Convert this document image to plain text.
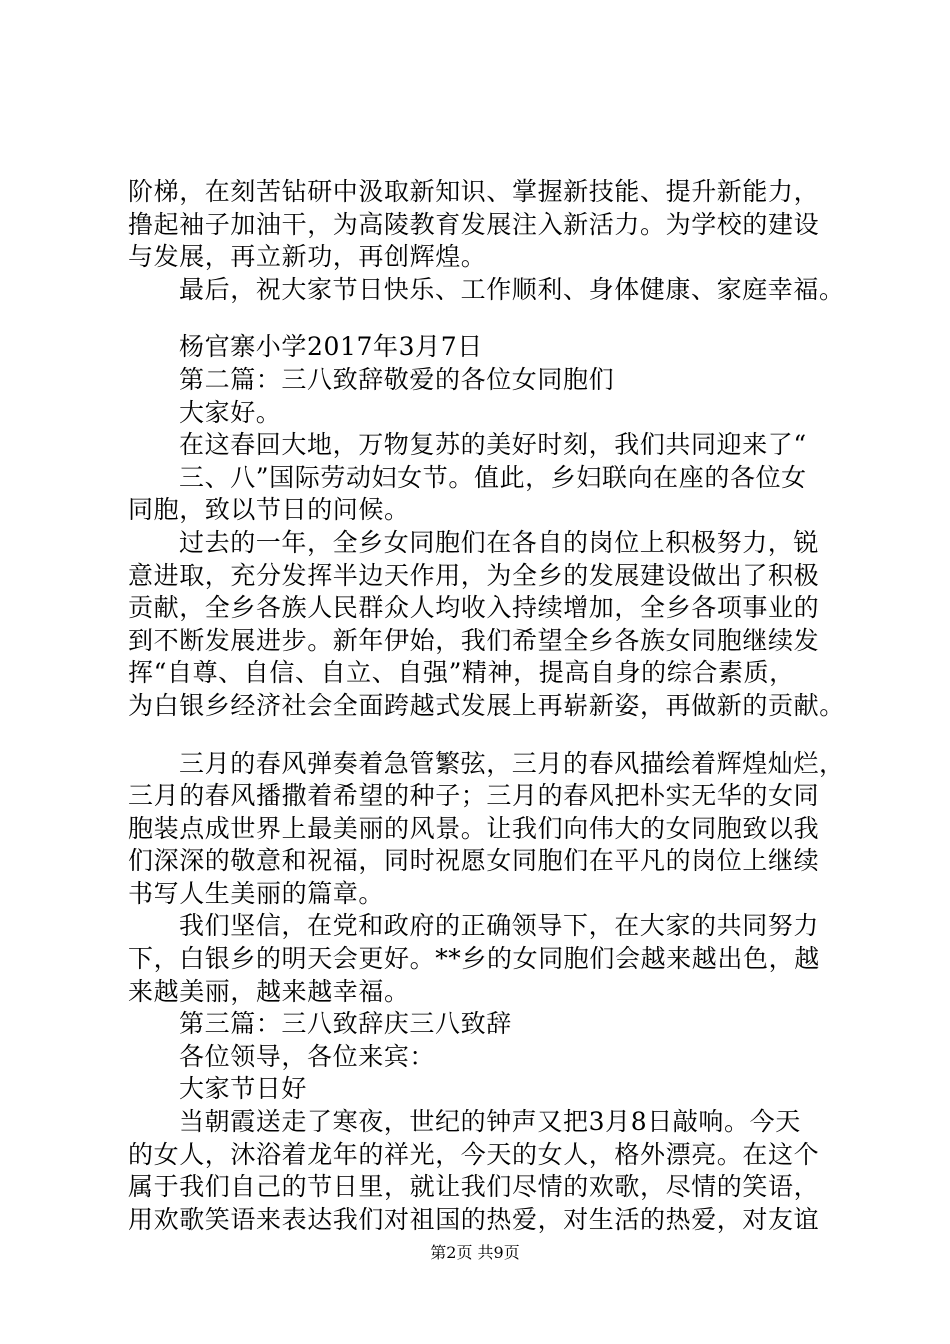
阶梯，在刻苦钻研中汲取新知识、掌握新技能、提升新能力，
撸起袖子加油干，为高陵教育发展注入新活力。为学校的建设
与发展，再立新功，再创辉煌。
最后，祝大家节日快乐、工作顺利、身体健康、家庭幸福。
杨官寨小学2017年3月7日
第二篇：三八致辞敬爱的各位女同胞们
大家好。
在这春回大地，万物复苏的美好时刻，我们共同迎来了“
三、八”国际劳动妇女节。值此，乡妇联向在座的各位女
同胞，致以节日的问候。
过去的一年，全乡女同胞们在各自的岗位上积极努力，锐
意进取，充分发挥半边天作用，为全乡的发展建设做出了积极
贡献，全乡各族人民群众人均收入持续增加，全乡各项事业的
到不断发展进步。新年伊始，我们希望全乡各族女同胞继续发
挥“自尊、自信、自立、自强”精神，提高自身的综合素质，
为白银乡经济社会全面跨越式发展上再崭新姿，再做新的贡献。
三月的春风弹奏着急管繁弦，三月的春风描绘着辉煌灿烂，
三月的春风播撒着希望的种子；三月的春风把朴实无华的女同
胞装点成世界上最美丽的风景。让我们向伟大的女同胞致以我
们深深的敬意和祝福，同时祝愿女同胞们在平凡的岗位上继续
书写人生美丽的篇章。
我们坚信，在党和政府的正确领导下，在大家的共同努力
下，白银乡的明天会更好。**乡的女同胞们会越来越出色，越
来越美丽，越来越幸福。
第三篇：三八致辞庆三八致辞
各位领导，各位来宾：
大家节日好
当朝霞送走了寒夜，世纪的钟声又把3月8日敲响。今天
的女人，沐浴着龙年的祥光，今天的女人，格外漂亮。在这个
属于我们自己的节日里，就让我们尽情的欢歌，尽情的笑语，
用欢歌笑语来表达我们对祖国的热爱，对生活的热爱，对友谊
第2页 共9页
